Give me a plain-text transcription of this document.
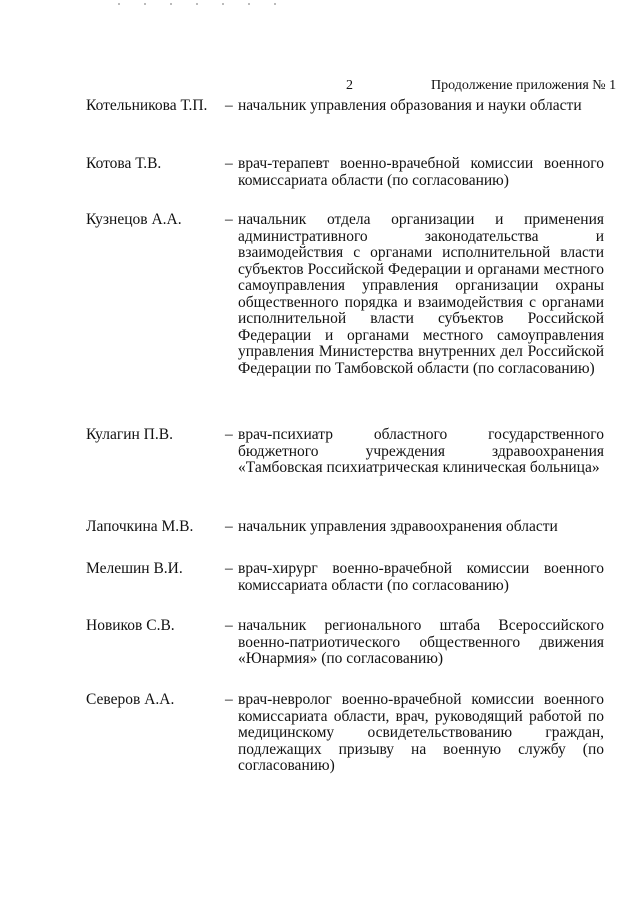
2	Продолжение приложения № 1
Котельникова Т.П.	– начальник управления образования и науки области
Котова Т.В.	– врач-терапевт военно-врачебной комиссии военного комиссариата области (по согласованию)
Кузнецов А.А.	– начальник отдела организации и применения административного законодательства и взаимодействия с органами исполнительной власти субъектов Российской Федерации и органами местного самоуправления управления организации охраны общественного порядка и взаимодействия с органами исполнительной власти субъектов Российской Федерации и органами местного самоуправления управления Министерства внутренних дел Российской Федерации по Тамбовской области (по согласованию)
Кулагин П.В.	– врач-психиатр областного государственного бюджетного учреждения здравоохранения «Тамбовская психиатрическая клиническая больница»
Лапочкина М.В.	– начальник управления здравоохранения области
Мелешин В.И.	– врач-хирург военно-врачебной комиссии военного комиссариата области (по согласованию)
Новиков С.В.	– начальник регионального штаба Всероссийского военно-патриотического общественного движения «Юнармия» (по согласованию)
Северов А.А.	– врач-невролог военно-врачебной комиссии военного комиссариата области, врач, руководящий работой по медицинскому освидетельствованию граждан, подлежащих призыву на военную службу (по согласованию)
